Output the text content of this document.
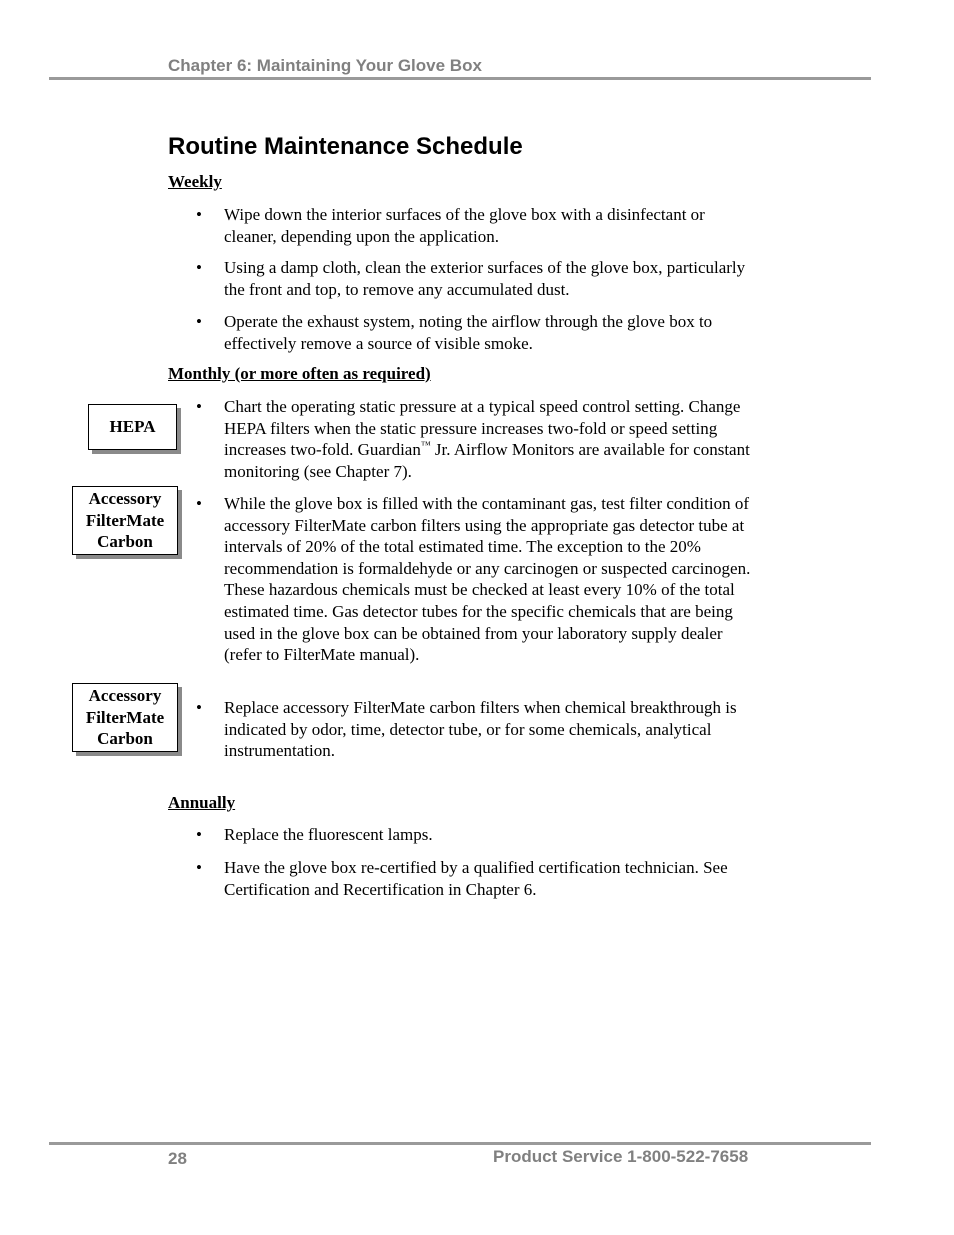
Chapter 6: Maintaining Your Glove Box
Routine Maintenance Schedule
Weekly
•	Wipe down the interior surfaces of the glove box with a disinfectant or cleaner, depending upon the application.
•	Using a damp cloth, clean the exterior surfaces of the glove box, particularly the front and top, to remove any accumulated dust.
•	Operate the exhaust system, noting the airflow through the glove box to effectively remove a source of visible smoke.
Monthly (or more often as required)
HEPA
•	Chart the operating static pressure at a typical speed control setting. Change HEPA filters when the static pressure increases two-fold or speed setting increases two-fold. Guardian™ Jr. Airflow Monitors are available for constant monitoring (see Chapter 7).
Accessory
FilterMate
Carbon
•	While the glove box is filled with the contaminant gas, test filter condition of accessory FilterMate carbon filters using the appropriate gas detector tube at intervals of 20% of the total estimated time. The exception to the 20% recommendation is formaldehyde or any carcinogen or suspected carcinogen. These hazardous chemicals must be checked at least every 10% of the total estimated time. Gas detector tubes for the specific chemicals that are being used in the glove box can be obtained from your laboratory supply dealer (refer to FilterMate manual).
Accessory
FilterMate
Carbon
•	Replace accessory FilterMate carbon filters when chemical breakthrough is indicated by odor, time, detector tube, or for some chemicals, analytical instrumentation.
Annually
•	Replace the fluorescent lamps.
•	Have the glove box re-certified by a qualified certification technician. See Certification and Recertification in Chapter 6.
28	Product Service 1-800-522-7658
